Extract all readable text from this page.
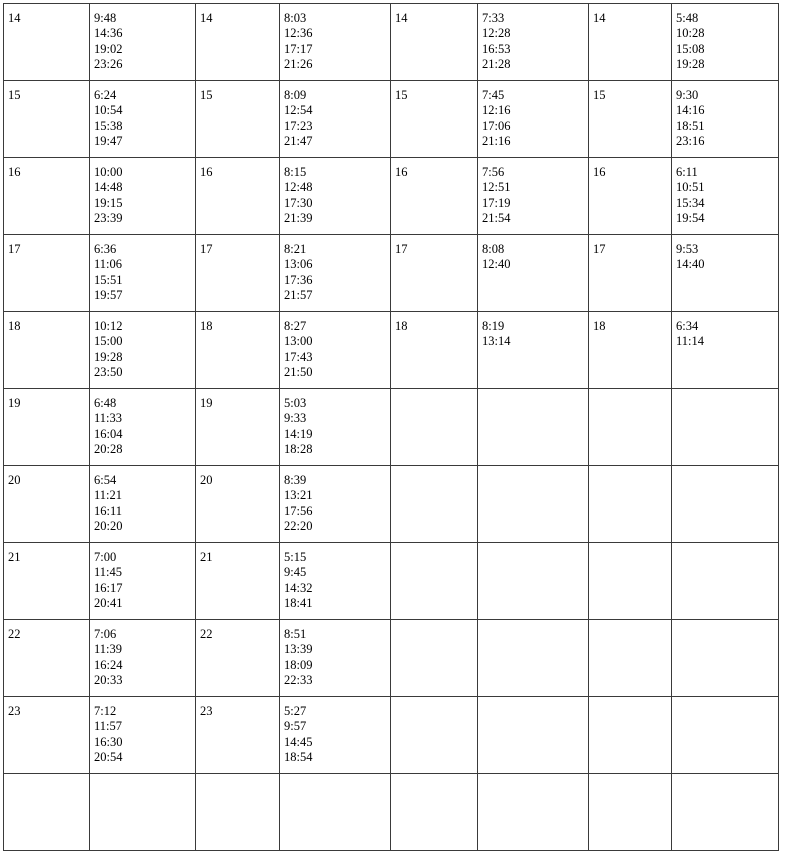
14	9:48
14:36
19:02
23:26	14	8:03
12:36
17:17
21:26	14	7:33
12:28
16:53
21:28	14	5:48
10:28
15:08
19:28

15	6:24
10:54
15:38
19:47	15	8:09
12:54
17:23
21:47	15	7:45
12:16
17:06
21:16	15	9:30
14:16
18:51
23:16

16	10:00
14:48
19:15
23:39	16	8:15
12:48
17:30
21:39	16	7:56
12:51
17:19
21:54	16	6:11
10:51
15:34
19:54

17	6:36
11:06
15:51
19:57	17	8:21
13:06
17:36
21:57	17	8:08
12:40	17	9:53
14:40

18	10:12
15:00
19:28
23:50	18	8:27
13:00
17:43
21:50	18	8:19
13:14	18	6:34
11:14

19	6:48
11:33
16:04
20:28	19	5:03
9:33
14:19
18:28				

20	6:54
11:21
16:11
20:20	20	8:39
13:21
17:56
22:20				

21	7:00
11:45
16:17
20:41	21	5:15
9:45
14:32
18:41				

22	7:06
11:39
16:24
20:33	22	8:51
13:39
18:09
22:33				

23	7:12
11:57
16:30
20:54	23	5:27
9:57
14:45
18:54				
